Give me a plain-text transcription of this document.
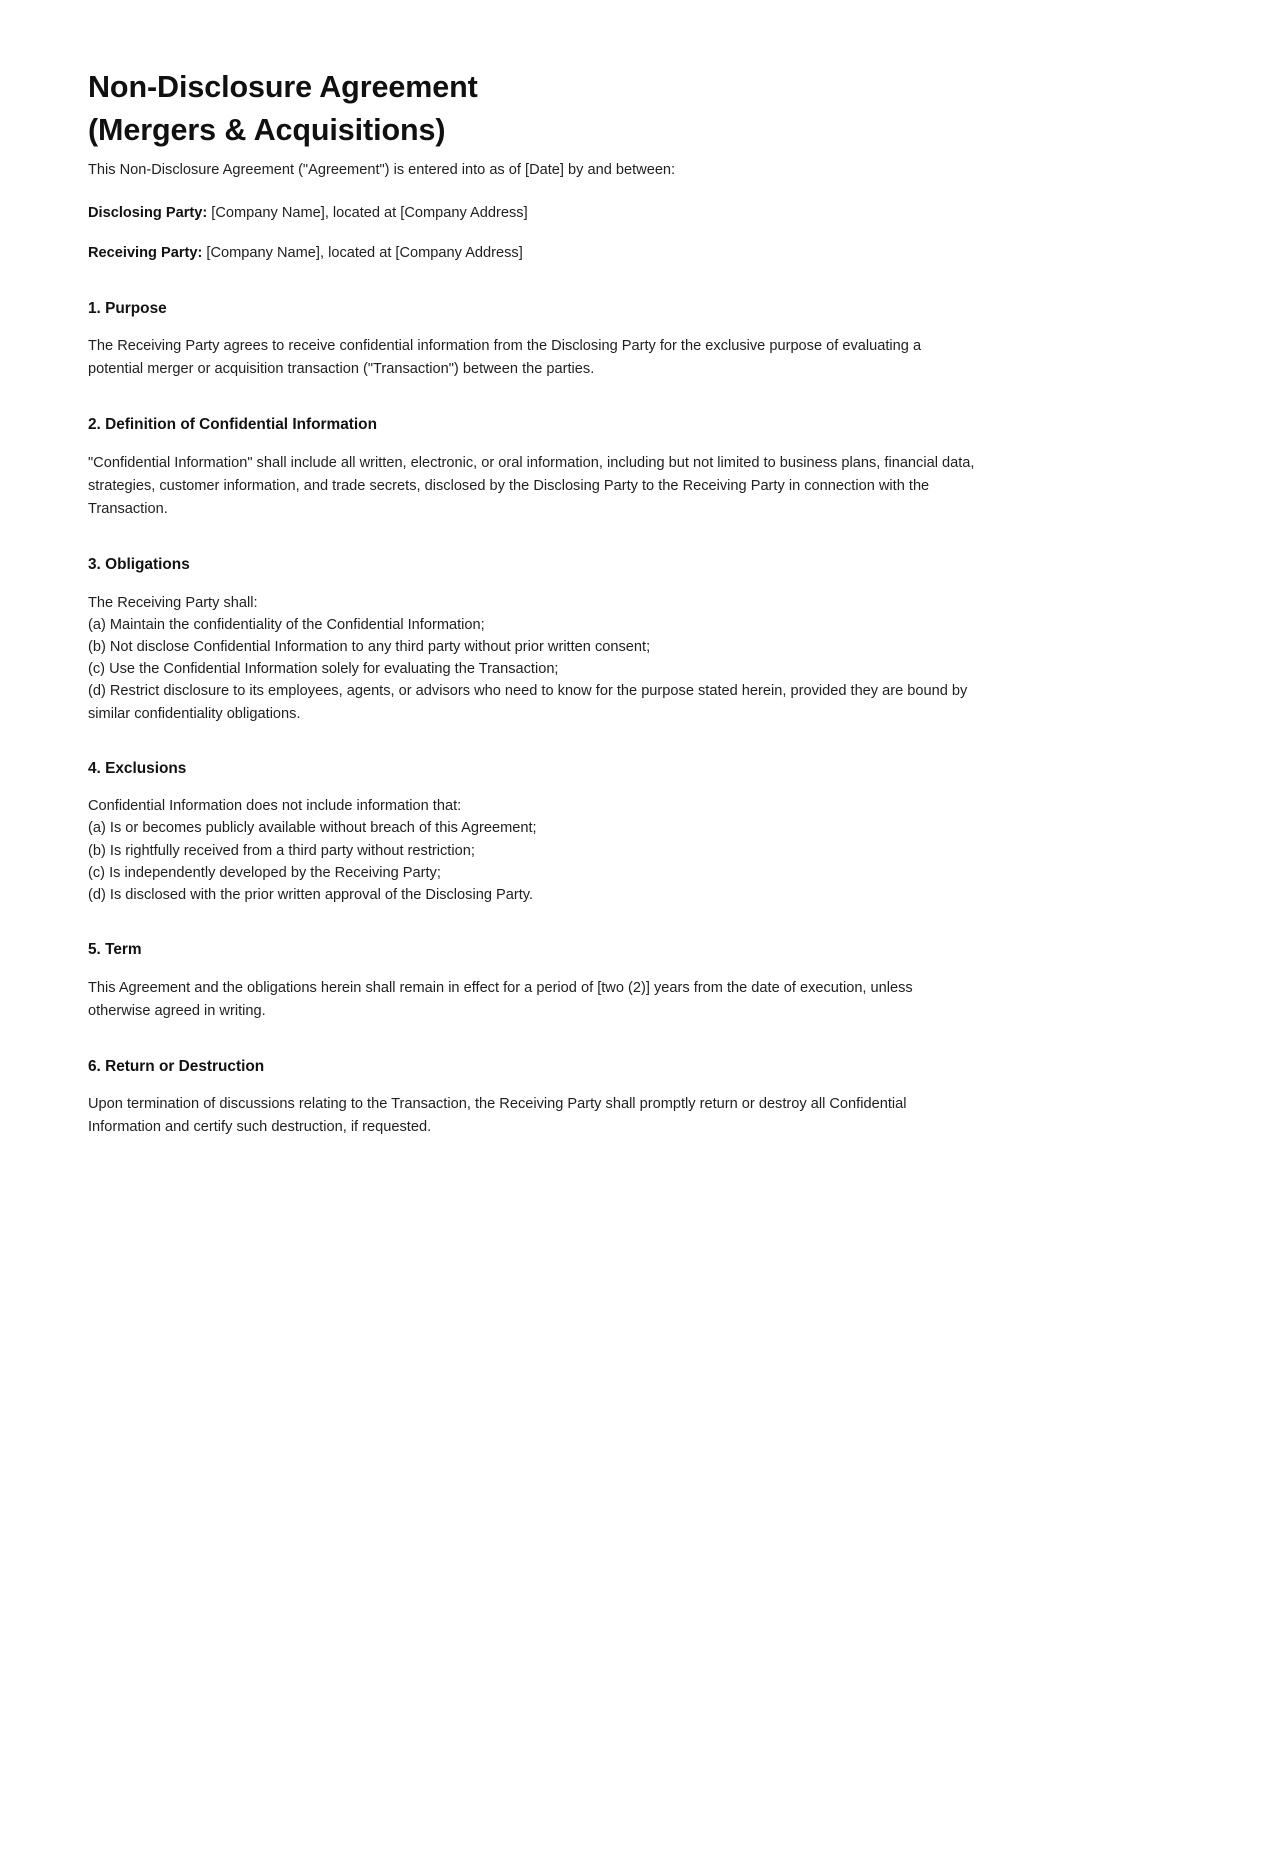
Non-Disclosure Agreement
(Mergers & Acquisitions)

This Non-Disclosure Agreement ("Agreement") is entered into as of [Date] by and between:

Disclosing Party: [Company Name], located at [Company Address]

Receiving Party: [Company Name], located at [Company Address]

1. Purpose

The Receiving Party agrees to receive confidential information from the Disclosing Party for the exclusive purpose of evaluating a potential merger or acquisition transaction ("Transaction") between the parties.

2. Definition of Confidential Information

"Confidential Information" shall include all written, electronic, or oral information, including but not limited to business plans, financial data, strategies, customer information, and trade secrets, disclosed by the Disclosing Party to the Receiving Party in connection with the Transaction.

3. Obligations

The Receiving Party shall:
(a) Maintain the confidentiality of the Confidential Information;
(b) Not disclose Confidential Information to any third party without prior written consent;
(c) Use the Confidential Information solely for evaluating the Transaction;
(d) Restrict disclosure to its employees, agents, or advisors who need to know for the purpose stated herein, provided they are bound by similar confidentiality obligations.

4. Exclusions

Confidential Information does not include information that:
(a) Is or becomes publicly available without breach of this Agreement;
(b) Is rightfully received from a third party without restriction;
(c) Is independently developed by the Receiving Party;
(d) Is disclosed with the prior written approval of the Disclosing Party.

5. Term

This Agreement and the obligations herein shall remain in effect for a period of [two (2)] years from the date of execution, unless otherwise agreed in writing.

6. Return or Destruction

Upon termination of discussions relating to the Transaction, the Receiving Party shall promptly return or destroy all Confidential Information and certify such destruction, if requested.
